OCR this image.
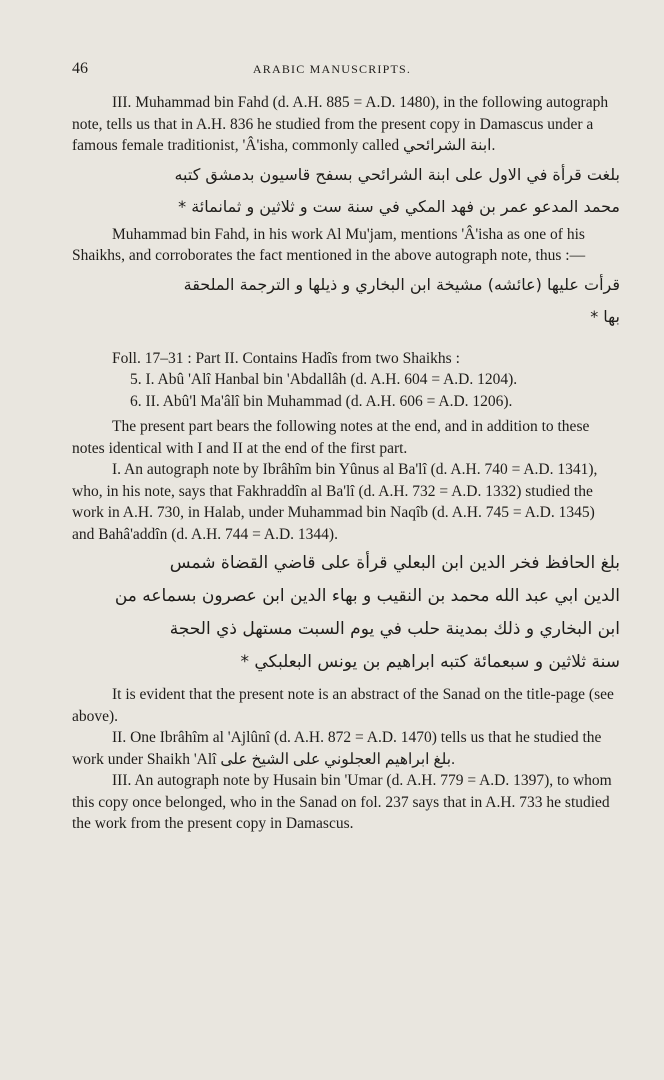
46	ARABIC MANUSCRIPTS.

III. Muhammad bin Fahd (d. A.H. 885 = A.D. 1480), in the following autograph note, tells us that in A.H. 836 he studied from the present copy in Damascus under a famous female traditionist, 'Â'isha, commonly called ابنة الشرائحي.

بلغت قرأة في الاول على ابنة الشرائحي بسفح قاسيون بدمشق كتبه

محمد المدعو عمر بن فهد المكي في سنة ست و ثلاثين و ثمانمائة *

Muhammad bin Fahd, in his work Al Mu'jam, mentions 'Â'isha as one of his Shaikhs, and corroborates the fact mentioned in the above autograph note, thus :—

قرأت عليها (عائشه) مشيخة ابن البخاري و ذيلها و الترجمة الملحقة

بها *

Foll. 17–31 : Part II. Contains Hadîs from two Shaikhs :

5. I. Abû 'Alî Hanbal bin 'Abdallâh (d. A.H. 604 = A.D. 1204).

6. II. Abû'l Ma'âlî bin Muhammad (d. A.H. 606 = A.D. 1206).

The present part bears the following notes at the end, and in addition to these notes identical with I and II at the end of the first part.

I. An autograph note by Ibrâhîm bin Yûnus al Ba'lî (d. A.H. 740 = A.D. 1341), who, in his note, says that Fakhraddîn al Ba'lî (d. A.H. 732 = A.D. 1332) studied the work in A.H. 730, in Halab, under Muhammad bin Naqîb (d. A.H. 745 = A.D. 1345) and Bahâ'addîn (d. A.H. 744 = A.D. 1344).

بلغ الحافظ فخر الدين ابن البعلي قرأة على قاضي القضاة شمس

الدين ابي عبد الله محمد بن النقيب و بهاء الدين ابن عصرون بسماعه من

ابن البخاري و ذلك بمدينة حلب في يوم السبت مستهل ذي الحجة

سنة ثلاثين و سبعمائة كتبه ابراهيم بن يونس البعلبكي *

It is evident that the present note is an abstract of the Sanad on the title-page (see above).

II. One Ibrâhîm al 'Ajlûnî (d. A.H. 872 = A.D. 1470) tells us that he studied the work under Shaikh 'Alî بلغ ابراهيم العجلوني على الشيخ على.

III. An autograph note by Husain bin 'Umar (d. A.H. 779 = A.D. 1397), to whom this copy once belonged, who in the Sanad on fol. 237 says that in A.H. 733 he studied the work from the present copy in Damascus.
